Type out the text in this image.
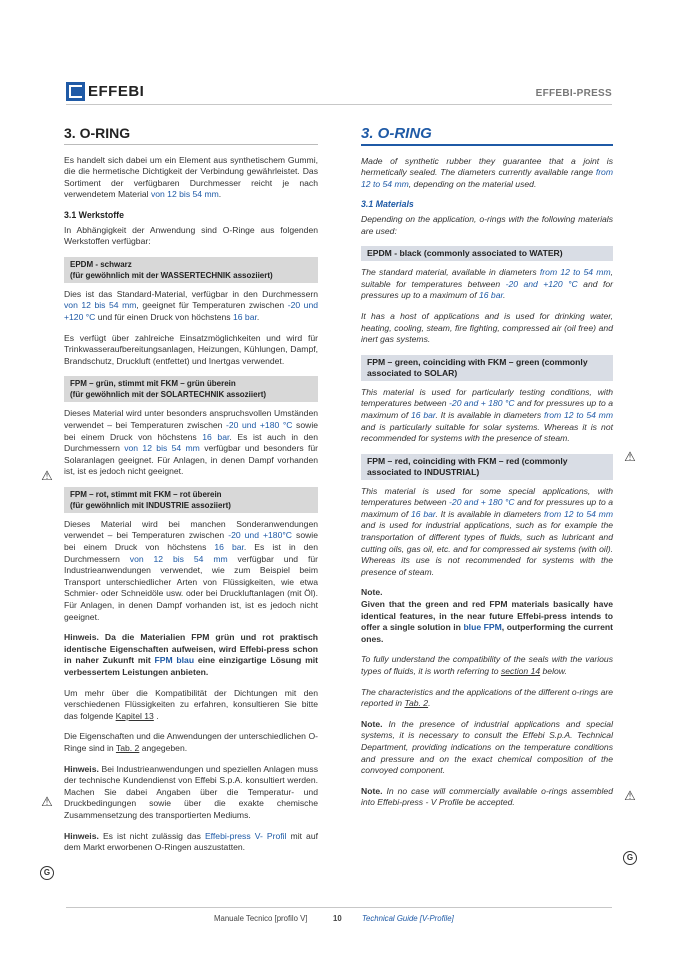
EFFEBI	EFFEBI-PRESS
3. O-RING

Es handelt sich dabei um ein Element aus synthetischem Gummi, die die hermetische Dichtigkeit der Verbindung gewährleistet. Das Sortiment der verfügbaren Durchmesser reicht je nach verwendetem Material von 12 bis 54 mm.

3.1 Werkstoffe

In Abhängigkeit der Anwendung sind O-Ringe aus folgenden Werkstoffen verfügbar:

EPDM - schwarz
(für gewöhnlich mit der WASSERTECHNIK assoziiert)

Dies ist das Standard-Material, verfügbar in den Durchmessern von 12 bis 54 mm, geeignet für Temperaturen zwischen -20 und +120 °C und für einen Druck von höchstens 16 bar.

Es verfügt über zahlreiche Einsatzmöglichkeiten und wird für Trinkwasseraufbereitungsanlagen, Heizungen, Kühlungen, Dampf, Brandschutz, Druckluft (entfettet) und Inertgas verwendet.

FPM – grün, stimmt mit FKM – grün überein
(für gewöhnlich mit der SOLARTECHNIK assoziiert)

Dieses Material wird unter besonders anspruchsvollen Umständen verwendet – bei Temperaturen zwischen -20 und +180 °C sowie bei einem Druck von höchstens 16 bar. Es ist auch in den Durchmessern von 12 bis 54 mm verfügbar und besonders für Solaranlagen geeignet. Für Anlagen, in denen Dampf vorhanden ist, ist es jedoch nicht geeignet.

FPM – rot, stimmt mit FKM – rot überein
(für gewöhnlich mit INDUSTRIE assoziiert)

Dieses Material wird bei manchen Sonderanwendungen verwendet – bei Temperaturen zwischen -20 und +180°C sowie bei einem Druck von höchstens 16 bar. Es ist in den Durchmessern von 12 bis 54 mm verfügbar und für Industrieanwendungen verwendet, wie zum Beispiel beim Transport unterschiedlicher Arten von Flüssigkeiten, wie etwa Schmier- oder Schneidöle usw. oder bei Druckluftanlagen (mit Öl). Für Anlagen, in denen Dampf vorhanden ist, ist es jedoch nicht geeignet.

Hinweis. Da die Materialien FPM grün und rot praktisch identische Eigenschaften aufweisen, wird Effebi-press schon in naher Zukunft mit FPM blau eine einzigartige Lösung mit verbessertem Leistungen anbieten.

Um mehr über die Kompatibilität der Dichtungen mit den verschiedenen Flüssigkeiten zu erfahren, konsultieren Sie bitte das folgende Kapitel 13 .

Die Eigenschaften und die Anwendungen der unterschiedlichen O-Ringe sind in Tab. 2 angegeben.

Hinweis. Bei Industrieanwendungen und speziellen Anlagen muss der technische Kundendienst von Effebi S.p.A. konsultiert werden. Machen Sie dabei Angaben über die Temperatur- und Druckbedingungen sowie über die exakte chemische Zusammensetzung des transportierten Mediums.

Hinweis. Es ist nicht zulässig das Effebi-press V- Profil mit auf dem Markt erworbenen O-Ringen auszustatten.

3. O-RING

Made of synthetic rubber they guarantee that a joint is hermetically sealed. The diameters currently available range from 12 to 54 mm, depending on the material used.

3.1 Materials

Depending on the application, o-rings with the following materials are used:

EPDM - black (commonly associated to WATER)

The standard material, available in diameters from 12 to 54 mm, suitable for temperatures between -20 and +120 °C and for pressures up to a maximum of 16 bar.

It has a host of applications and is used for drinking water, heating, cooling, steam, fire fighting, compressed air (oil free) and inert gas systems.

FPM – green, coinciding with FKM – green (commonly associated to SOLAR)

This material is used for particularly testing conditions, with temperatures between -20 and + 180 °C and for pressures up to a maximum of 16 bar. It is available in diameters from 12 to 54 mm and is particularly suitable for solar systems. Whereas it is not recommended for systems with the presence of steam.

FPM – red, coinciding with FKM – red (commonly associated to INDUSTRIAL)

This material is used for some special applications, with temperatures between -20 and + 180 °C and for pressures up to a maximum of 16 bar. It is available in diameters from 12 to 54 mm and is used for industrial applications, such as for example the transportation of different types of fluids, such as lubricant and cutting oils, gas oil, etc. and for compressed air systems (with oil). Whereas its use is not recommended for systems with the presence of steam.

Note.
Given that the green and red FPM materials basically have identical features, in the near future Effebi-press intends to offer a single solution in blue FPM, outperforming the current ones.

To fully understand the compatibility of the seals with the various types of fluids, it is worth referring to section 14 below.

The characteristics and the applications of the different o-rings are reported in Tab. 2.

Note. In the presence of industrial applications and special systems, it is necessary to consult the Effebi S.p.A. Technical Department, providing indications on the temperature conditions and pressure and on the exact chemical composition of the convoyed component.

Note. In no case will commercially available o-rings assembled into Effebi-press - V Profile be accepted.

⚠
⚠
G
⚠
⚠
G
Manuale Tecnico [profilo V]	10	Technical Guide [V-Profile]
